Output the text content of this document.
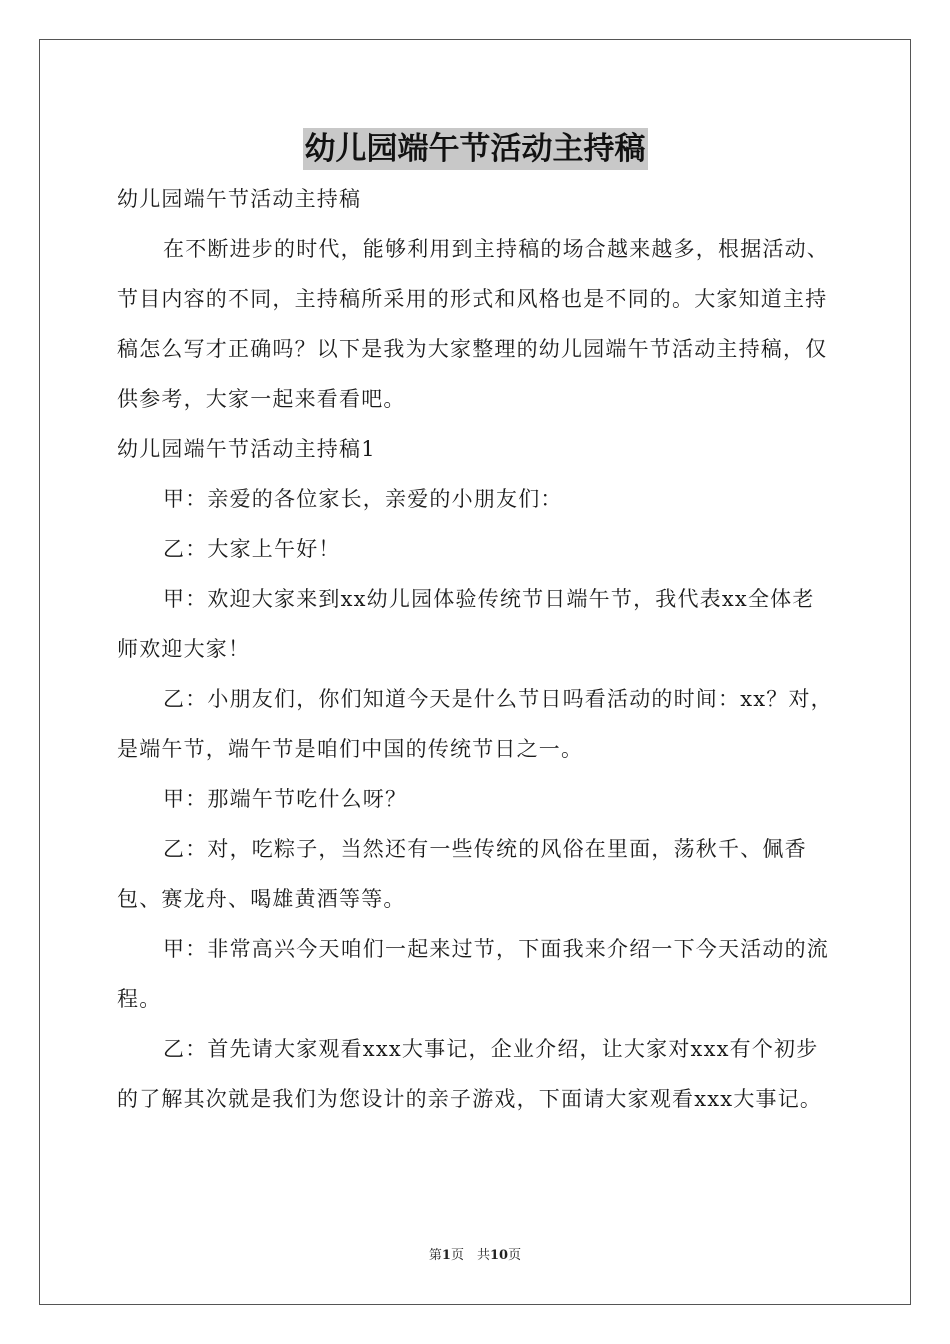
幼儿园端午节活动主持稿

幼儿园端午节活动主持稿

在不断进步的时代，能够利用到主持稿的场合越来越多，根据活动、节目内容的不同，主持稿所采用的形式和风格也是不同的。大家知道主持稿怎么写才正确吗？以下是我为大家整理的幼儿园端午节活动主持稿，仅供参考，大家一起来看看吧。

幼儿园端午节活动主持稿1

甲：亲爱的各位家长，亲爱的小朋友们：

乙：大家上午好！

甲：欢迎大家来到xx幼儿园体验传统节日端午节，我代表xx全体老师欢迎大家！

乙：小朋友们，你们知道今天是什么节日吗看活动的时间：xx？对，是端午节，端午节是咱们中国的传统节日之一。

甲：那端午节吃什么呀？

乙：对，吃粽子，当然还有一些传统的风俗在里面，荡秋千、佩香包、赛龙舟、喝雄黄酒等等。

甲：非常高兴今天咱们一起来过节，下面我来介绍一下今天活动的流程。

乙：首先请大家观看xxx大事记，企业介绍，让大家对xxx有个初步的了解其次就是我们为您设计的亲子游戏，下面请大家观看xxx大事记。

第1页　共10页
